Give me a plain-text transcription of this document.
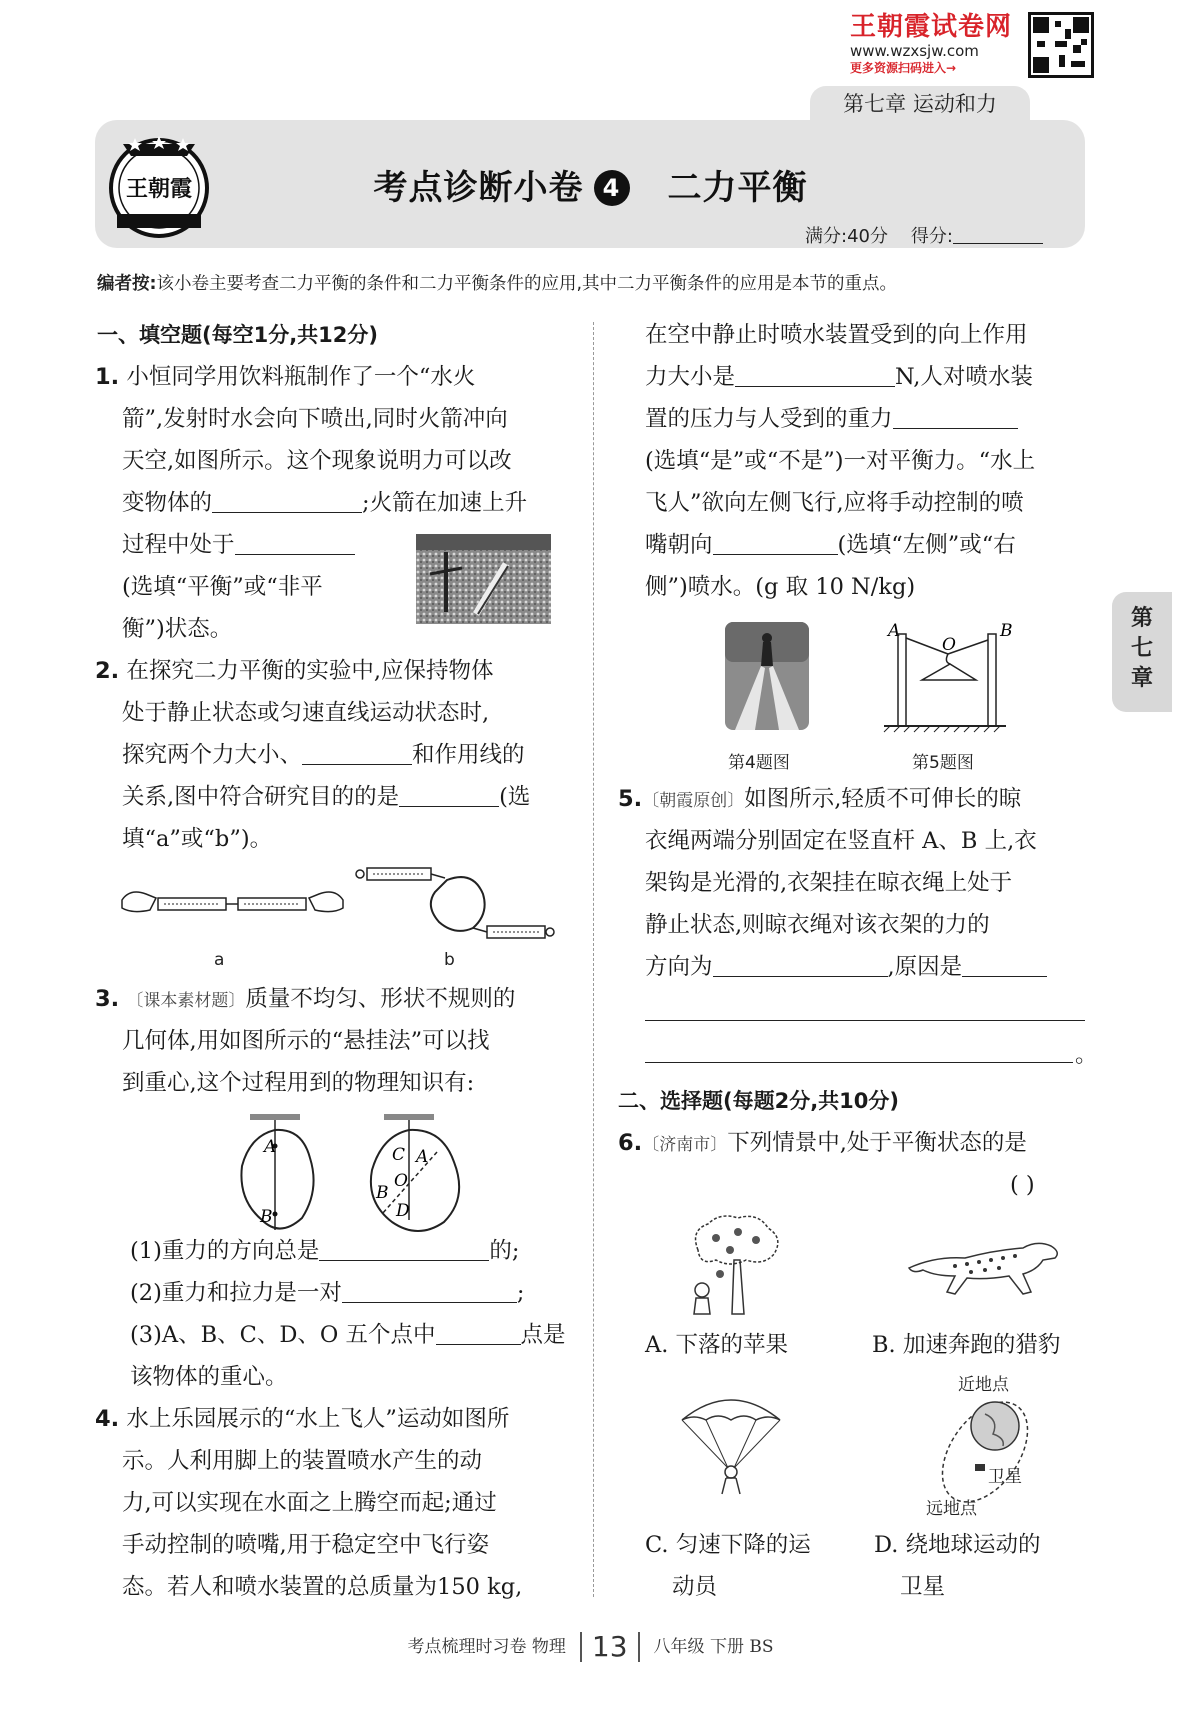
王朝霞试卷网
www.wzxsjw.com
更多资源扫码进入→
第七章 运动和力
王朝霞	考点诊断小卷 4 二力平衡
满分:40分 得分:
编者按:该小卷主要考查二力平衡的条件和二力平衡条件的应用,其中二力平衡条件的应用是本节的重点。
一、填空题(每空1分,共12分)
1. 小恒同学用饮料瓶制作了一个“水火
箭”,发射时水会向下喷出,同时火箭冲向
天空,如图所示。这个现象说明力可以改
变物体的	;火箭在加速上升
过程中处于
(选填“平衡”或“非平
衡”)状态。
2. 在探究二力平衡的实验中,应保持物体
处于静止状态或匀速直线运动状态时,
探究两个力大小、	和作用线的
关系,图中符合研究目的的是	(选
填“a”或“b”)。
a	b
3. 〔课本素材题〕质量不均匀、形状不规则的
几何体,用如图所示的“悬挂法”可以找
到重心,这个过程用到的物理知识有:
A
B
C A
O
B
D
(1)重力的方向总是	的;
(2)重力和拉力是一对	;
(3)A、B、C、D、O 五个点中	点是
该物体的重心。
4. 水上乐园展示的“水上飞人”运动如图所
示。人利用脚上的装置喷水产生的动
力,可以实现在水面之上腾空而起;通过
手动控制的喷嘴,用于稳定空中飞行姿
态。若人和喷水装置的总质量为150 kg,
在空中静止时喷水装置受到的向上作用
力大小是	N,人对喷水装
置的压力与人受到的重力
(选填“是”或“不是”)一对平衡力。“水上
飞人”欲向左侧飞行,应将手动控制的喷
嘴朝向	(选填“左侧”或“右
侧”)喷水。(g 取 10 N/kg)
第4题图
A
O
B
第5题图
5.〔朝霞原创〕如图所示,轻质不可伸长的晾
衣绳两端分别固定在竖直杆 A、B 上,衣
架钩是光滑的,衣架挂在晾衣绳上处于
静止状态,则晾衣绳对该衣架的力的
方向为	,原因是
。
二、选择题(每题2分,共10分)
6.〔济南市〕下列情景中,处于平衡状态的是
( )
A. 下落的苹果	B. 加速奔跑的猎豹
C. 匀速下降的运
动员
近地点
卫星
远地点
D. 绕地球运动的
卫星
第
七
章
考点梳理时习卷 物理 13 八年级 下册 BS
